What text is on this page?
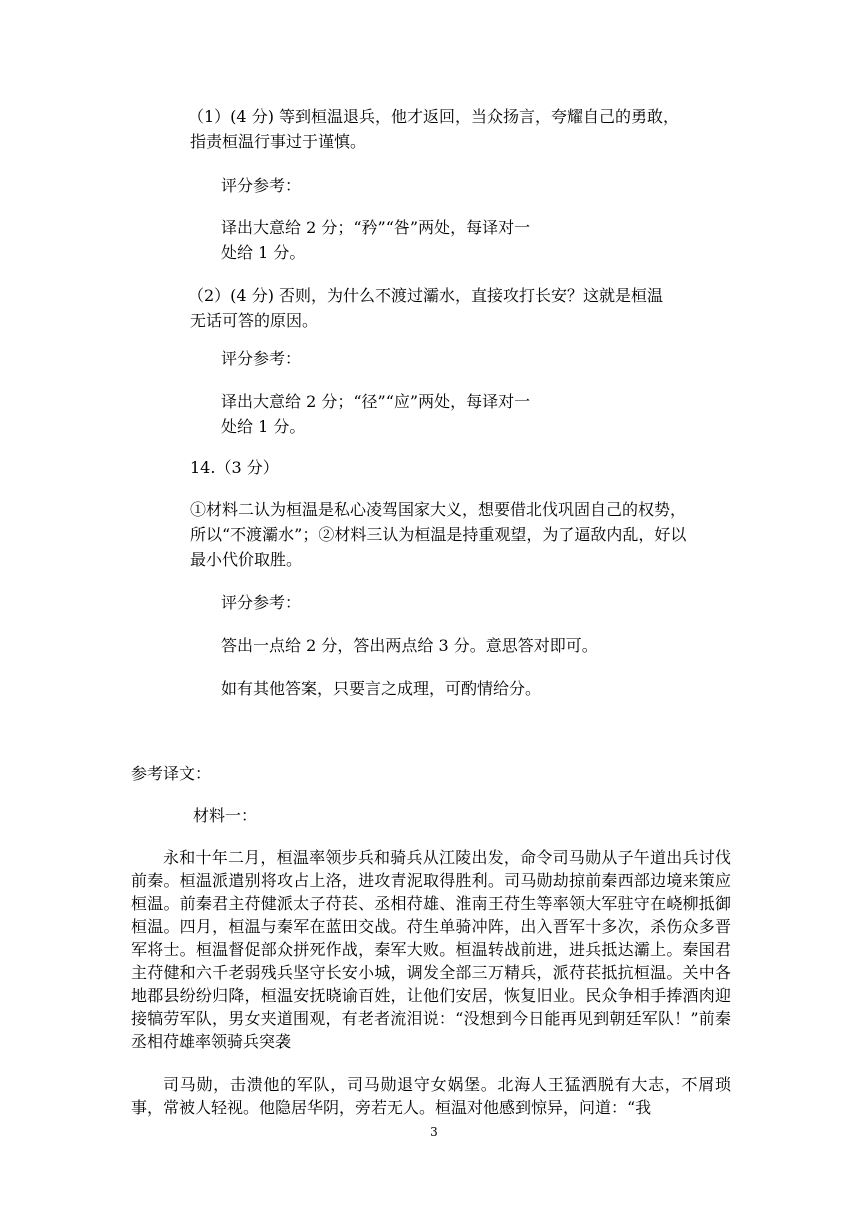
（1）(4 分) 等到桓温退兵，他才返回，当众扬言，夸耀自己的勇敢，
指责桓温行事过于谨慎。
评分参考：
译出大意给 2 分；“矜”“咎”两处，每译对一
处给 1 分。
（2）(4 分) 否则，为什么不渡过灞水，直接攻打长安？这就是桓温
无话可答的原因。
评分参考：
译出大意给 2 分；“径”“应”两处，每译对一
处给 1 分。
14.（3 分）
①材料二认为桓温是私心凌驾国家大义，想要借北伐巩固自己的权势，
所以“不渡灞水”；②材料三认为桓温是持重观望，为了逼敌内乱，好以
最小代价取胜。
评分参考：
答出一点给 2 分，答出两点给 3 分。意思答对即可。
如有其他答案，只要言之成理，可酌情给分。
参考译文：
材料一：
永和十年二月，桓温率领步兵和骑兵从江陵出发，命令司马勋从子午道出兵讨伐前秦。桓温派遣别将攻占上洛，进攻青泥取得胜利。司马勋劫掠前秦西部边境来策应桓温。前秦君主苻健派太子苻苌、丞相苻雄、淮南王苻生等率领大军驻守在峣柳抵御桓温。四月，桓温与秦军在蓝田交战。苻生单骑冲阵，出入晋军十多次，杀伤众多晋军将士。桓温督促部众拼死作战，秦军大败。桓温转战前进，进兵抵达灞上。秦国君主苻健和六千老弱残兵坚守长安小城，调发全部三万精兵，派苻苌抵抗桓温。关中各地郡县纷纷归降，桓温安抚晓谕百姓，让他们安居，恢复旧业。民众争相手捧酒肉迎接犒劳军队，男女夹道围观，有老者流泪说：“没想到今日能再见到朝廷军队！”前秦丞相苻雄率领骑兵突袭
司马勋，击溃他的军队，司马勋退守女娲堡。北海人王猛洒脱有大志，不屑琐事，常被人轻视。他隐居华阴，旁若无人。桓温对他感到惊异，问道：“我
3
